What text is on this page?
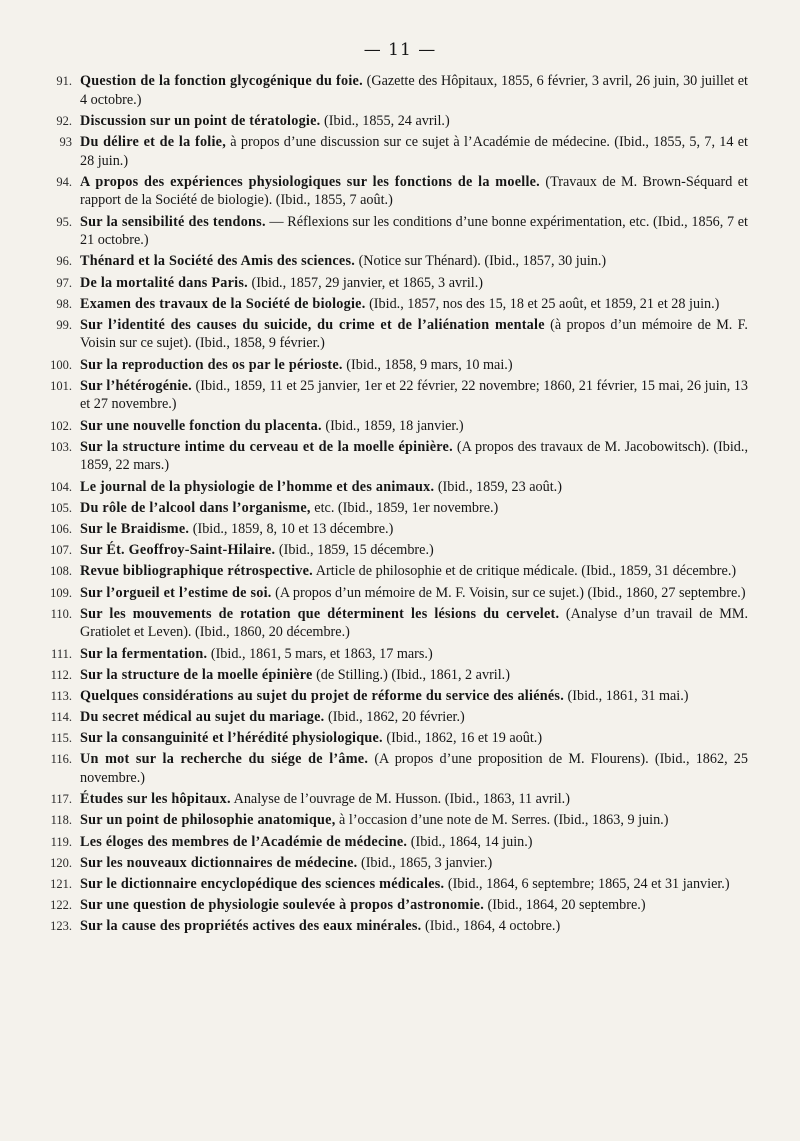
— 11 —
91. Question de la fonction glycogénique du foie. (Gazette des Hôpitaux, 1855, 6 février, 3 avril, 26 juin, 30 juillet et 4 octobre.)
92. Discussion sur un point de tératologie. (Ibid., 1855, 24 avril.)
93 Du délire et de la folie, à propos d’une discussion sur ce sujet à l’Académie de médecine. (Ibid., 1855, 5, 7, 14 et 28 juin.)
94. A propos des expériences physiologiques sur les fonctions de la moelle. (Travaux de M. Brown-Séquard et rapport de la Société de biologie). (Ibid., 1855, 7 août.)
95. Sur la sensibilité des tendons. — Réflexions sur les conditions d’une bonne expérimentation, etc. (Ibid., 1856, 7 et 21 octobre.)
96. Thénard et la Société des Amis des sciences. (Notice sur Thénard). (Ibid., 1857, 30 juin.)
97. De la mortalité dans Paris. (Ibid., 1857, 29 janvier, et 1865, 3 avril.)
98. Examen des travaux de la Société de biologie. (Ibid., 1857, nos des 15, 18 et 25 août, et 1859, 21 et 28 juin.)
99. Sur l’identité des causes du suicide, du crime et de l’aliénation mentale (à propos d’un mémoire de M. F. Voisin sur ce sujet). (Ibid., 1858, 9 février.)
100. Sur la reproduction des os par le périoste. (Ibid., 1858, 9 mars, 10 mai.)
101. Sur l’hétérogénie. (Ibid., 1859, 11 et 25 janvier, 1er et 22 février, 22 novembre; 1860, 21 février, 15 mai, 26 juin, 13 et 27 novembre.)
102. Sur une nouvelle fonction du placenta. (Ibid., 1859, 18 janvier.)
103. Sur la structure intime du cerveau et de la moelle épinière. (A propos des travaux de M. Jacobowitsch). (Ibid., 1859, 22 mars.)
104. Le journal de la physiologie de l’homme et des animaux. (Ibid., 1859, 23 août.)
105. Du rôle de l’alcool dans l’organisme, etc. (Ibid., 1859, 1er novembre.)
106. Sur le Braidisme. (Ibid., 1859, 8, 10 et 13 décembre.)
107. Sur Ét. Geoffroy-Saint-Hilaire. (Ibid., 1859, 15 décembre.)
108. Revue bibliographique rétrospective. Article de philosophie et de critique médicale. (Ibid., 1859, 31 décembre.)
109. Sur l’orgueil et l’estime de soi. (A propos d’un mémoire de M. F. Voisin, sur ce sujet.) (Ibid., 1860, 27 septembre.)
110. Sur les mouvements de rotation que déterminent les lésions du cervelet. (Analyse d’un travail de MM. Gratiolet et Leven). (Ibid., 1860, 20 décembre.)
111. Sur la fermentation. (Ibid., 1861, 5 mars, et 1863, 17 mars.)
112. Sur la structure de la moelle épinière (de Stilling.) (Ibid., 1861, 2 avril.)
113. Quelques considérations au sujet du projet de réforme du service des aliénés. (Ibid., 1861, 31 mai.)
114. Du secret médical au sujet du mariage. (Ibid., 1862, 20 février.)
115. Sur la consanguinité et l’hérédité physiologique. (Ibid., 1862, 16 et 19 août.)
116. Un mot sur la recherche du siége de l’âme. (A propos d’une proposition de M. Flourens). (Ibid., 1862, 25 novembre.)
117. Études sur les hôpitaux. Analyse de l’ouvrage de M. Husson. (Ibid., 1863, 11 avril.)
118. Sur un point de philosophie anatomique, à l’occasion d’une note de M. Serres. (Ibid., 1863, 9 juin.)
119. Les éloges des membres de l’Académie de médecine. (Ibid., 1864, 14 juin.)
120. Sur les nouveaux dictionnaires de médecine. (Ibid., 1865, 3 janvier.)
121. Sur le dictionnaire encyclopédique des sciences médicales. (Ibid., 1864, 6 septembre; 1865, 24 et 31 janvier.)
122. Sur une question de physiologie soulevée à propos d’astronomie. (Ibid., 1864, 20 septembre.)
123. Sur la cause des propriétés actives des eaux minérales. (Ibid., 1864, 4 octobre.)
